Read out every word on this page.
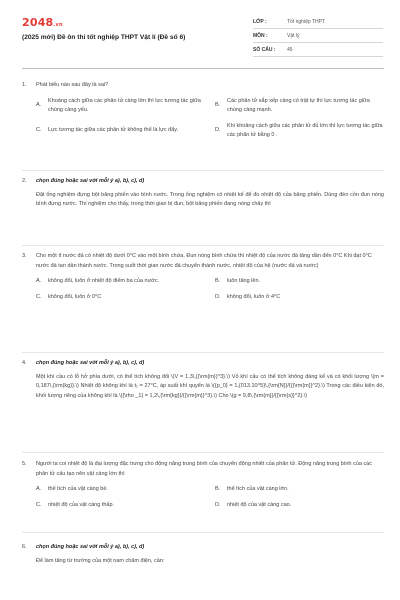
2048.vn
(2025 mới) Đề ôn thi tốt nghiệp THPT Vật lí (Đề số 6)
LỚP :	Tốt nghiệp THPT
MÔN :	Vật lý
SỐ CÂU :	45
1.	Phát biểu nào sau đây là sai?
A.
Khoảng cách giữa các phân tử càng lớn thì lực tương tác giữa chúng càng yếu.
B.
Các phân tử sắp xếp càng có trật tự thì lực tương tác giữa chúng càng mạnh.
C.	Lực tương tác giữa các phân tử không thể là lực đẩy.	D.
Khi khoảng cách giữa các phân tử đủ lớn thì lực tương tác giữa các phân tử bằng 0 .
2.	chọn đúng hoặc sai với mỗi ý a), b), c), d)
Đặt ống nghiệm đựng bột băng phiến vào bình nước. Trong ống nghiệm có nhiệt kế để đo nhiệt độ của băng phiến. Dùng đèn cồn đun nóng bình đựng nước. Thí nghiệm cho thấy, trong thời gian bị đun, bột băng phiến đang nóng chảy thì
3.	Cho một ít nước đá có nhiệt độ dưới 0°C vào một bình chứa. Đun nóng bình chứa thì nhiệt độ của nước đá tăng dần đến 0°C Khi đạt 0°C nước đá tan dần thành nước. Trong suốt thời gian nước đá chuyển thành nước, nhiệt độ của hệ (nước đá và nước)
A.	không đổi, luôn ở nhiệt độ điểm ba của nước.	B.	luôn tăng lên.
C.	không đổi, luôn ở 0°C	D.	không đổi, luôn ở 4°C
4.	chọn đúng hoặc sai với mỗi ý a), b), c), d)
Một khí cầu có lỗ hở phía dưới, có thể tích không đổi \(V = 1,3\,{(\rm{m})^3}.\) Vỏ khí cầu có thể tích không đáng kể và có khối lượng \(m = 0,187\,{\rm{kg}}.\) Nhiệt độ không khí là t₁ = 27°C, áp suất khí quyển là \({p_0} = 1,{013.10^5}\,{\rm{N}}/{{(\rm{m}}^2}.\) Trong các điều kiện đó, khối lượng riêng của không khí là \({\rho _1} = 1,2\,{\rm{kg}}/{{\rm{m}}^3}.\) Cho \(g = 9,8\,{\rm{m}}/{{\rm{s}}^2}.\)
5.	Người ta coi nhiệt độ là đại lượng đặc trưng cho động năng trung bình của chuyển động nhiệt của phân tử. Động năng trung bình của các phân tử cấu tạo nên vật càng lớn thì
A.	thể tích của vật càng bé.	B.	thể tích của vật càng lớn.
C.	nhiệt độ của vật càng thấp.	D.	nhiệt độ của vật càng cao.
6.	chọn đúng hoặc sai với mỗi ý a), b), c), d)
Để làm tăng từ trường của một nam châm điện, cần:
